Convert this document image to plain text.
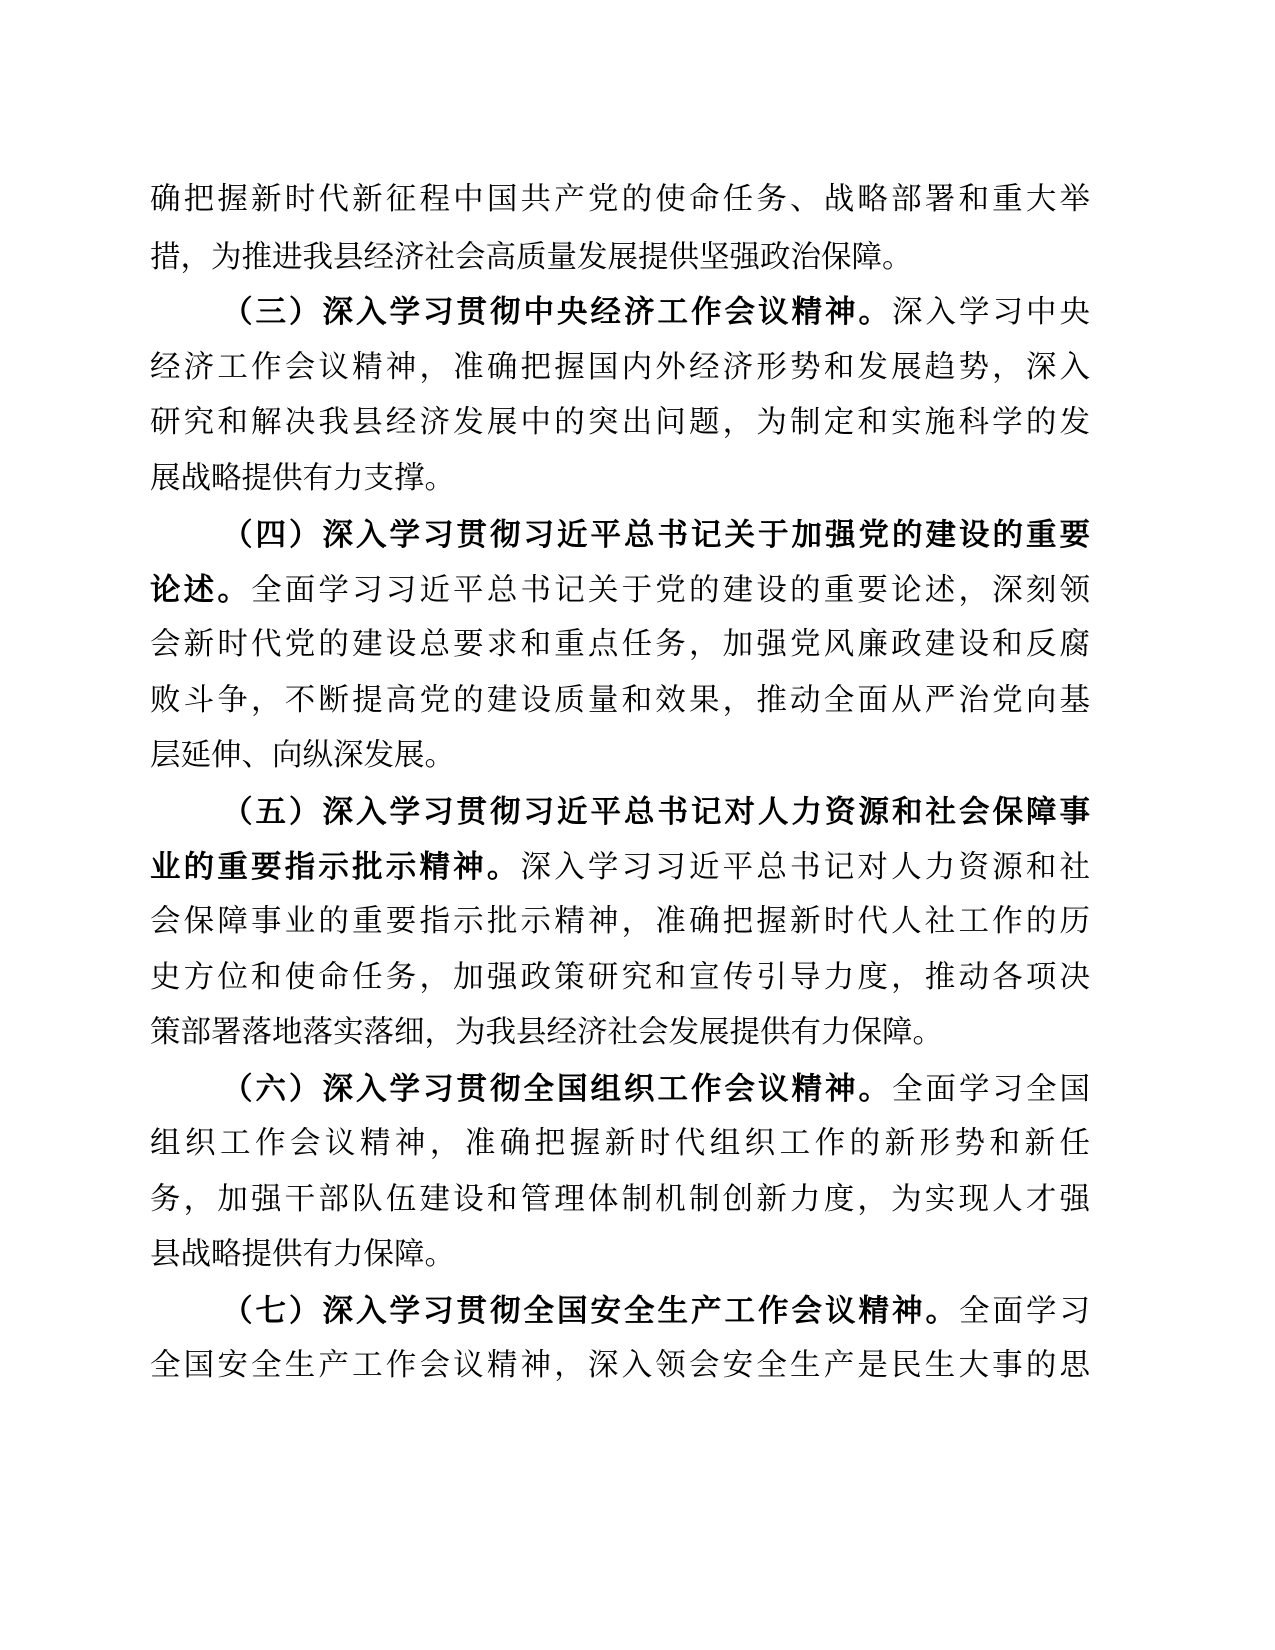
确把握新时代新征程中国共产党的使命任务、战略部署和重大举
措，为推进我县经济社会高质量发展提供坚强政治保障。
（三）深入学习贯彻中央经济工作会议精神。深入学习中央
经济工作会议精神，准确把握国内外经济形势和发展趋势，深入
研究和解决我县经济发展中的突出问题，为制定和实施科学的发
展战略提供有力支撑。
（四）深入学习贯彻习近平总书记关于加强党的建设的重要
论述。全面学习习近平总书记关于党的建设的重要论述，深刻领
会新时代党的建设总要求和重点任务，加强党风廉政建设和反腐
败斗争，不断提高党的建设质量和效果，推动全面从严治党向基
层延伸、向纵深发展。
（五）深入学习贯彻习近平总书记对人力资源和社会保障事
业的重要指示批示精神。深入学习习近平总书记对人力资源和社
会保障事业的重要指示批示精神，准确把握新时代人社工作的历
史方位和使命任务，加强政策研究和宣传引导力度，推动各项决
策部署落地落实落细，为我县经济社会发展提供有力保障。
（六）深入学习贯彻全国组织工作会议精神。全面学习全国
组织工作会议精神，准确把握新时代组织工作的新形势和新任
务，加强干部队伍建设和管理体制机制创新力度，为实现人才强
县战略提供有力保障。
（七）深入学习贯彻全国安全生产工作会议精神。全面学习
全国安全生产工作会议精神，深入领会安全生产是民生大事的思
